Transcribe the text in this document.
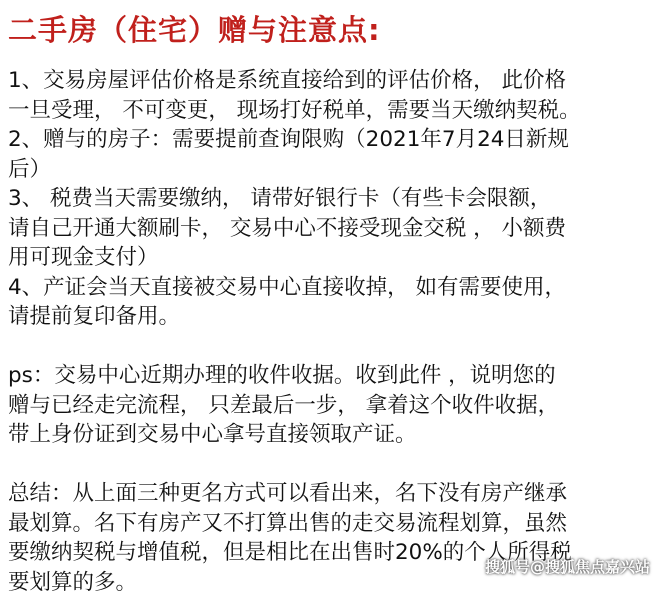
二手房（住宅）赠与注意点:
1、交易房屋评估价格是系统直接给到的评估价格， 此价格
一旦受理， 不可变更， 现场打好税单，需要当天缴纳契税。
2、赠与的房子：需要提前查询限购（2021年7月24日新规
后）
3、 税费当天需要缴纳， 请带好银行卡（有些卡会限额，
请自己开通大额刷卡， 交易中心不接受现金交税 ， 小额费
用可现金支付）
4、产证会当天直接被交易中心直接收掉， 如有需要使用，
请提前复印备用。
ps：交易中心近期办理的收件收据。收到此件 ，说明您的
赠与已经走完流程， 只差最后一步， 拿着这个收件收据，
带上身份证到交易中心拿号直接领取产证。
总结：从上面三种更名方式可以看出来，名下没有房产继承
最划算。名下有房产又不打算出售的走交易流程划算，虽然
要缴纳契税与增值税，但是相比在出售时20%的个人所得税
要划算的多。
搜狐号@搜狐焦点嘉兴站
